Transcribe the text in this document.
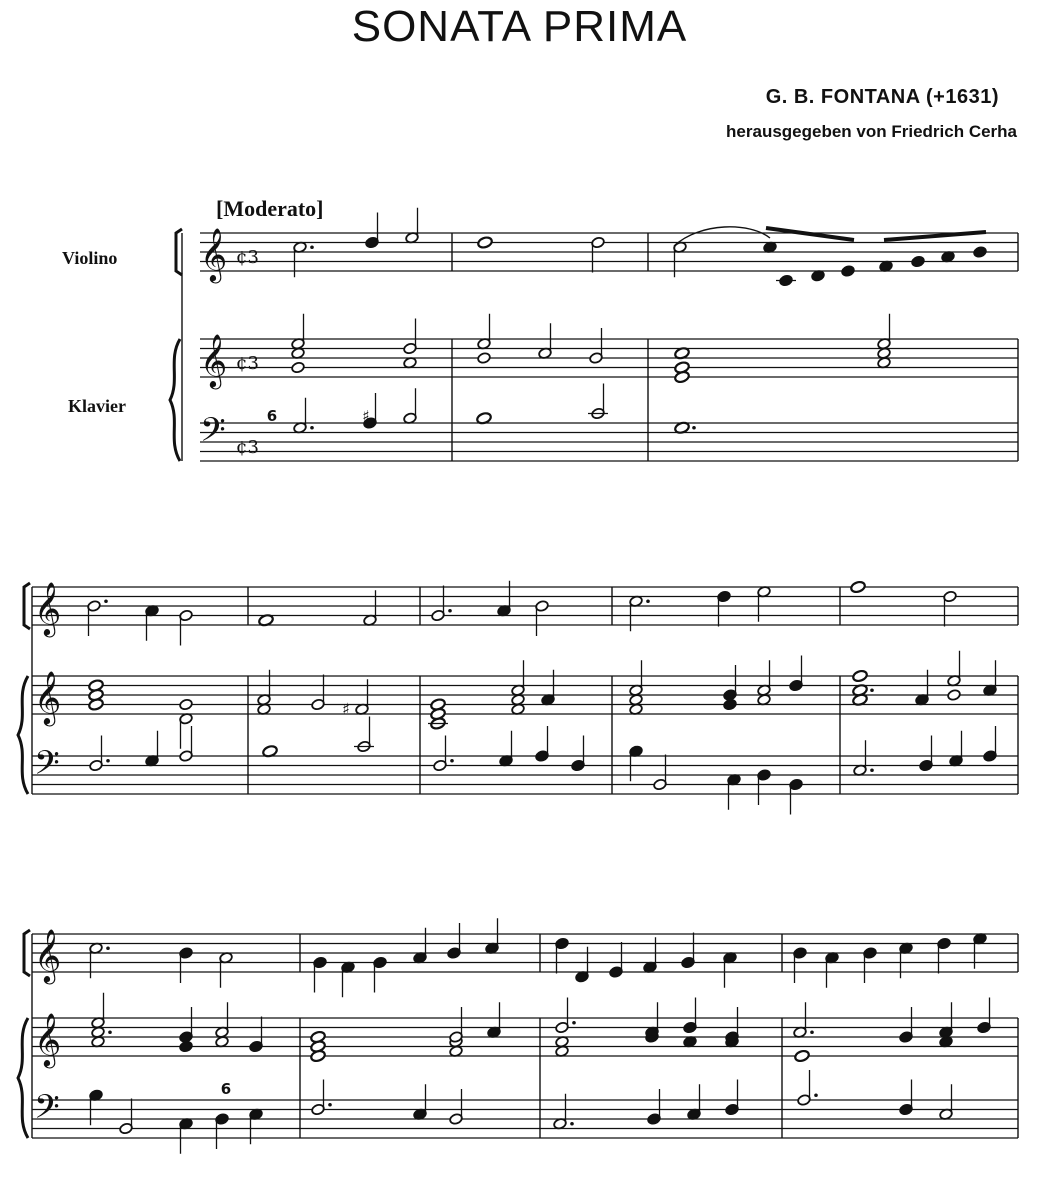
SONATA PRIMA
G. B. FONTANA (+1631)
herausgegeben von Friedrich Cerha
[Moderato]
Violino
Klavier
𝄞 ¢3
𝄞 ¢3
𝄢 ¢3
𝄞
𝄞
𝄢
♯
𝄞
𝄞
𝄢
6	♯
6
